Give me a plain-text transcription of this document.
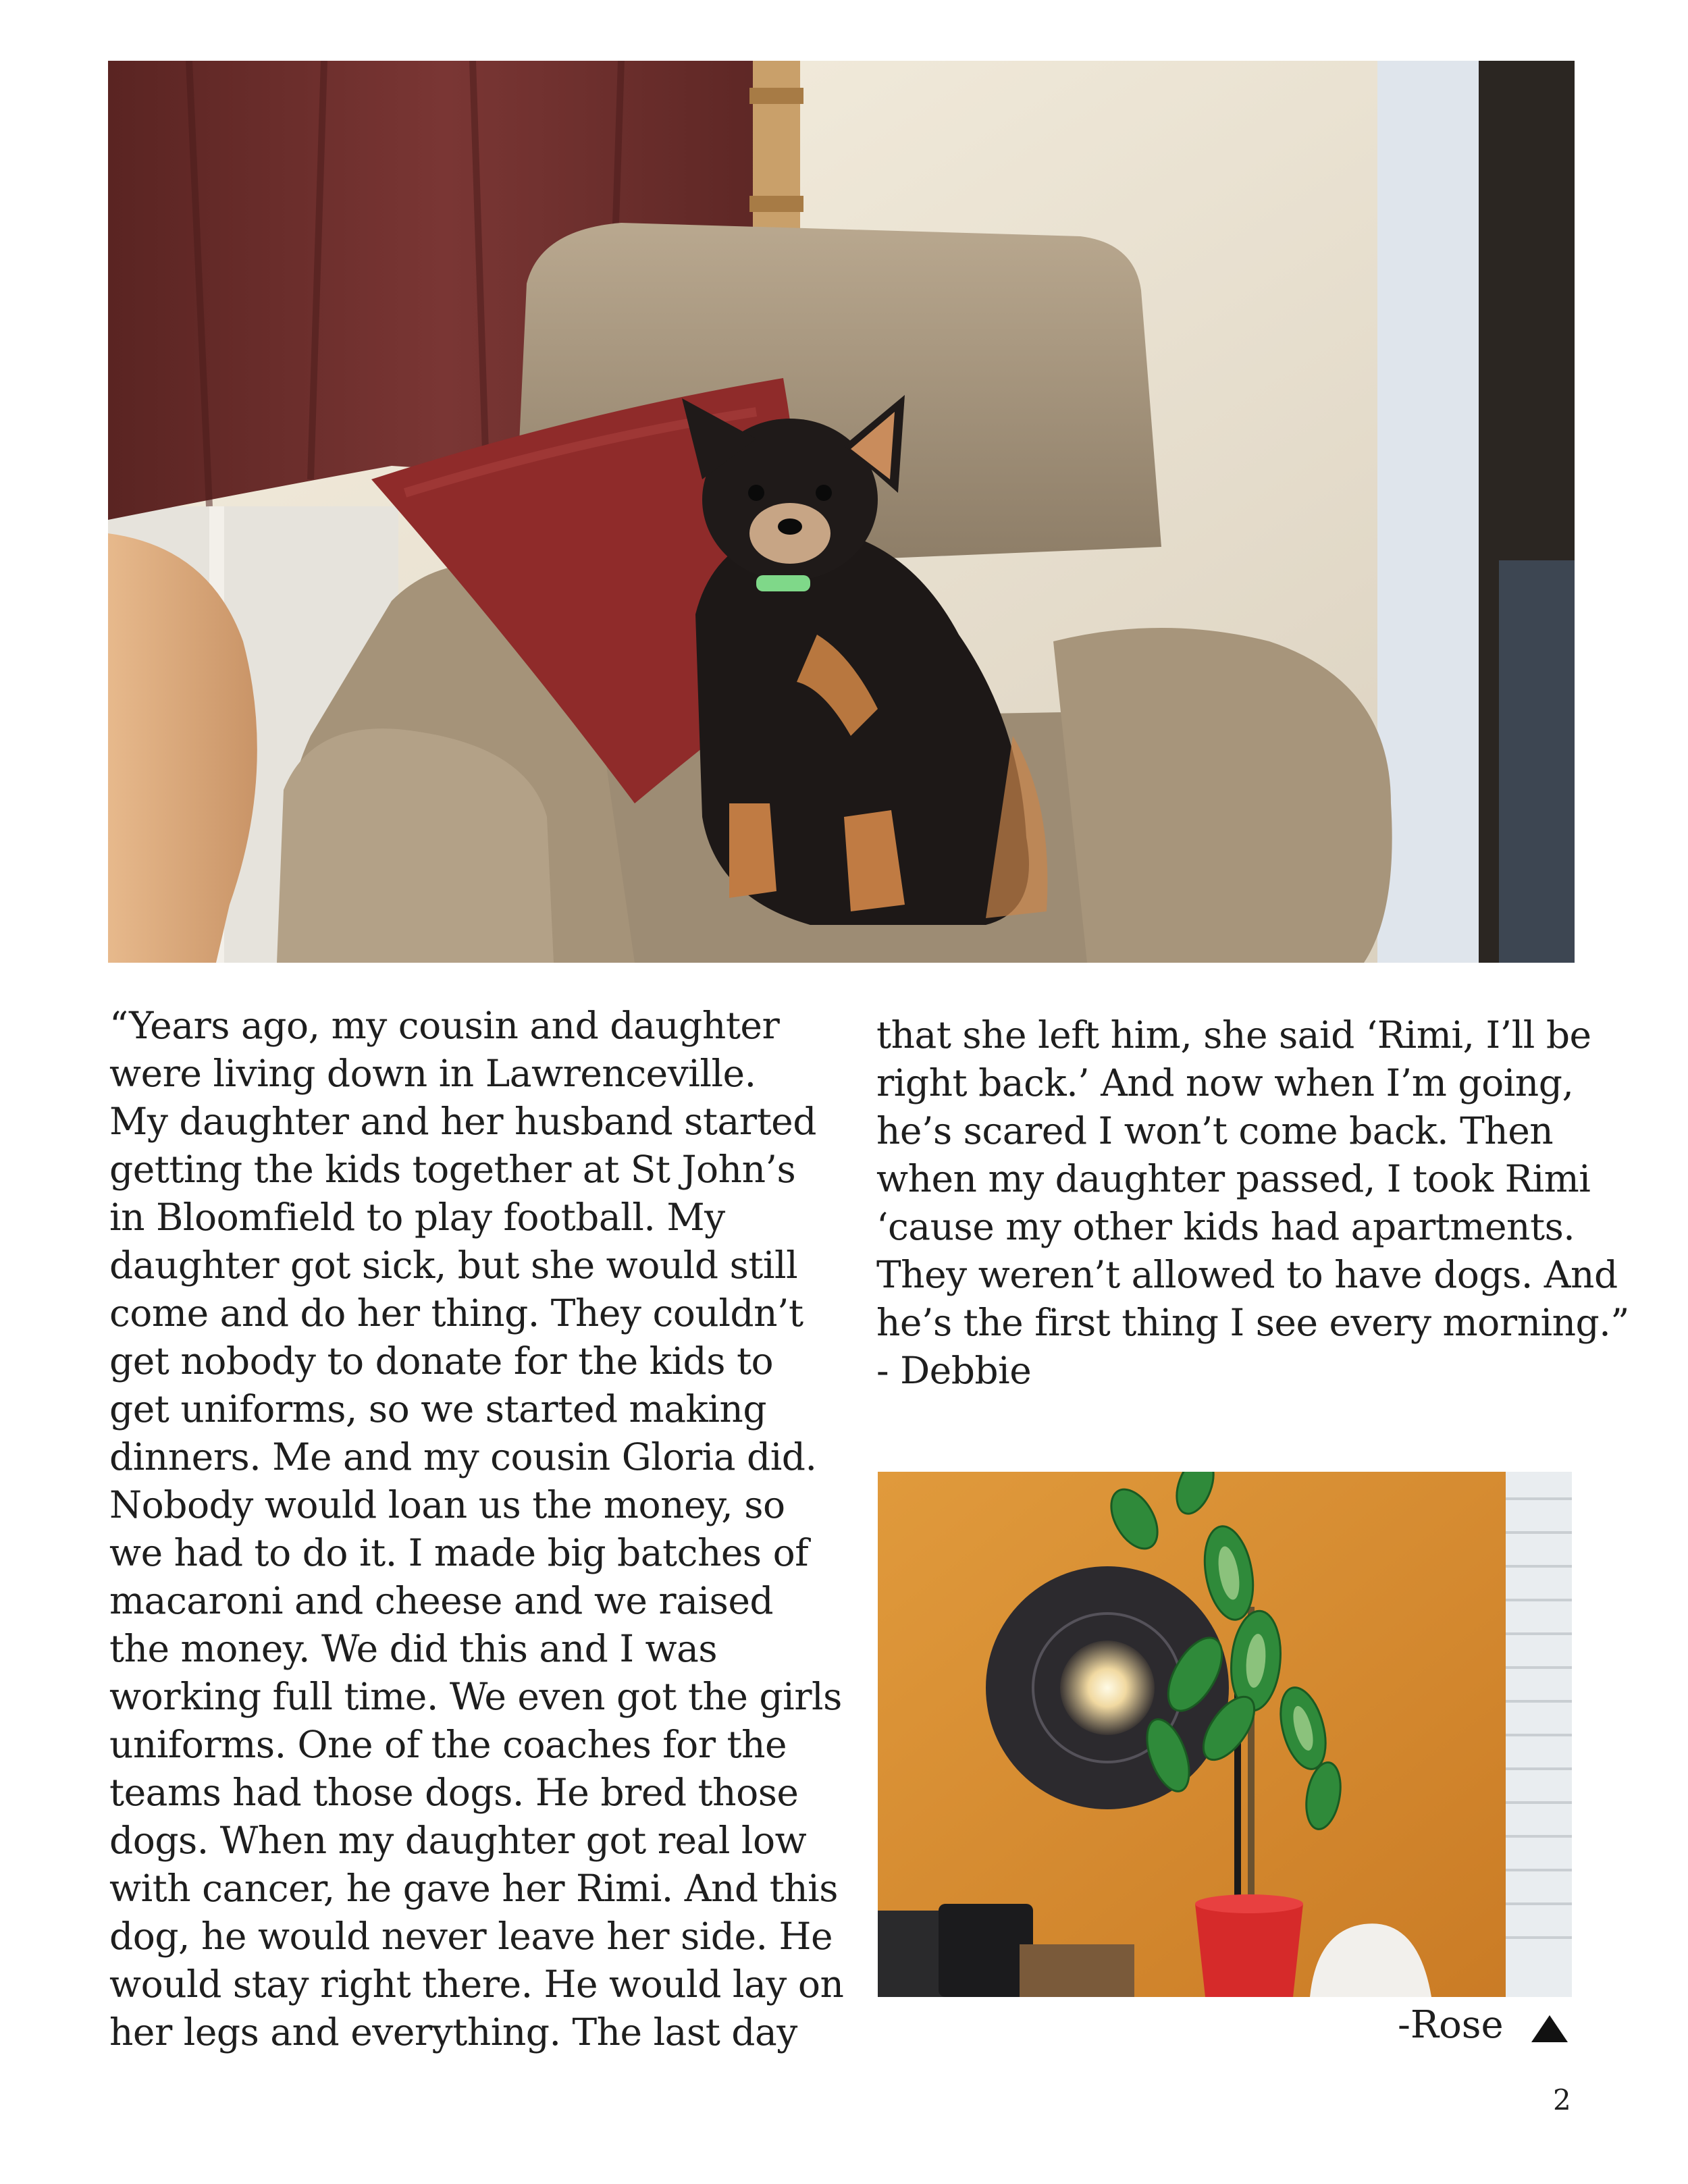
“Years ago, my cousin and daughter
were living down in Lawrenceville.
My daughter and her husband started
getting the kids together at St John’s
in Bloomfield to play football. My
daughter got sick, but she would still
come and do her thing. They couldn’t
get nobody to donate for the kids to
get uniforms, so we started making
dinners. Me and my cousin Gloria did.
Nobody would loan us the money, so
we had to do it. I made big batches of
macaroni and cheese and we raised
the money. We did this and I was
working full time. We even got the girls
uniforms. One of the coaches for the
teams had those dogs. He bred those
dogs. When my daughter got real low
with cancer, he gave her Rimi. And this
dog, he would never leave her side. He
would stay right there. He would lay on
her legs and everything. The last day
that she left him, she said ‘Rimi, I’ll be
right back.’ And now when I’m going,
he’s scared I won’t come back. Then
when my daughter passed, I took Rimi
‘cause my other kids had apartments.
They weren’t allowed to have dogs. And
he’s the first thing I see every morning.”
- Debbie
-Rose
2
